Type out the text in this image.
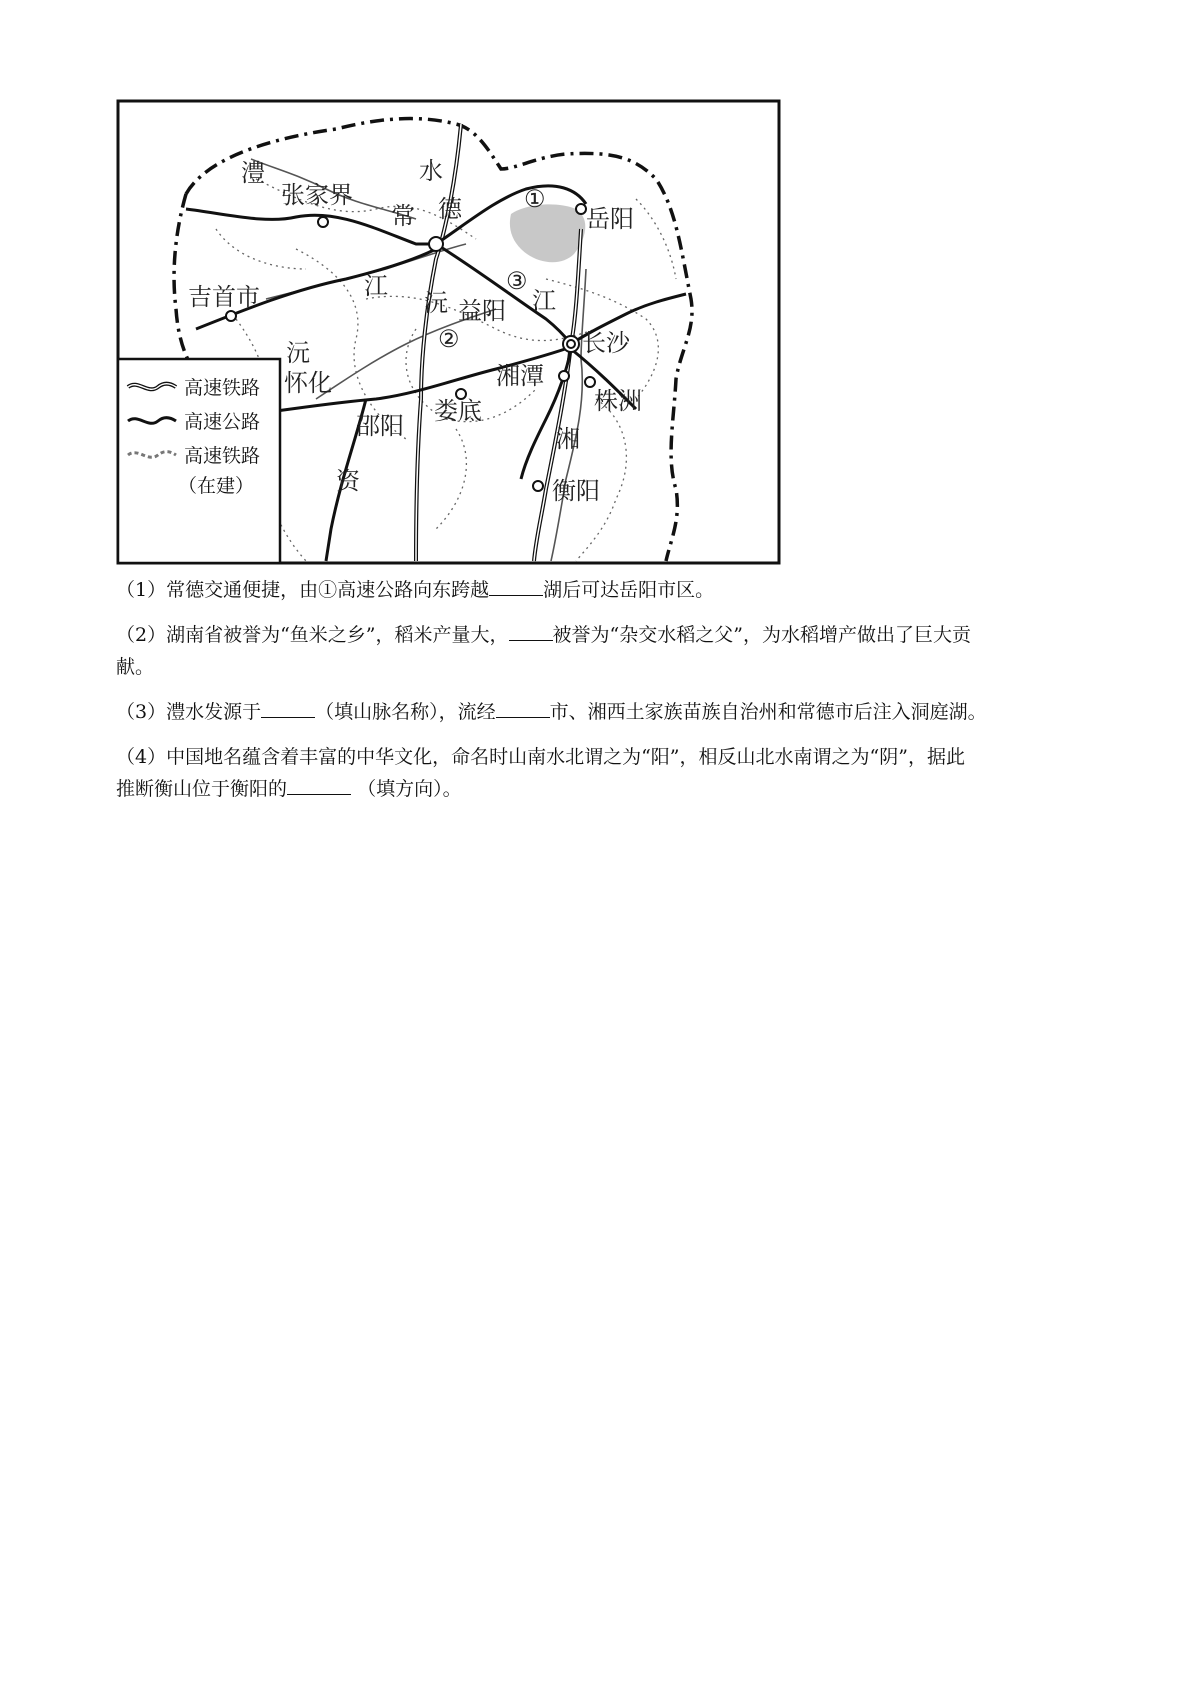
澧
张家界
水
常 德	岳阳
吉首市	江
沅 益阳 江
长沙
沅
怀化	湘潭
株洲
娄底
邵阳	湘
资	衡阳
①
②
③
高速铁路
高速公路
高速铁路
（在建）

（1）常德交通便捷，由①高速公路向东跨越	湖后可达岳阳市区。

（2）湖南省被誉为“鱼米之乡”，稻米产量大， 被誉为“杂交水稻之父”，为水稻增产做出了巨大贡
献。

（3）澧水发源于	（填山脉名称），流经	市、湘西土家族苗族自治州和常德市后注入洞庭湖。

（4）中国地名蕴含着丰富的中华文化，命名时山南水北谓之为“阳”，相反山北水南谓之为“阴”，据此
推断衡山位于衡阳的	（填方向）。
